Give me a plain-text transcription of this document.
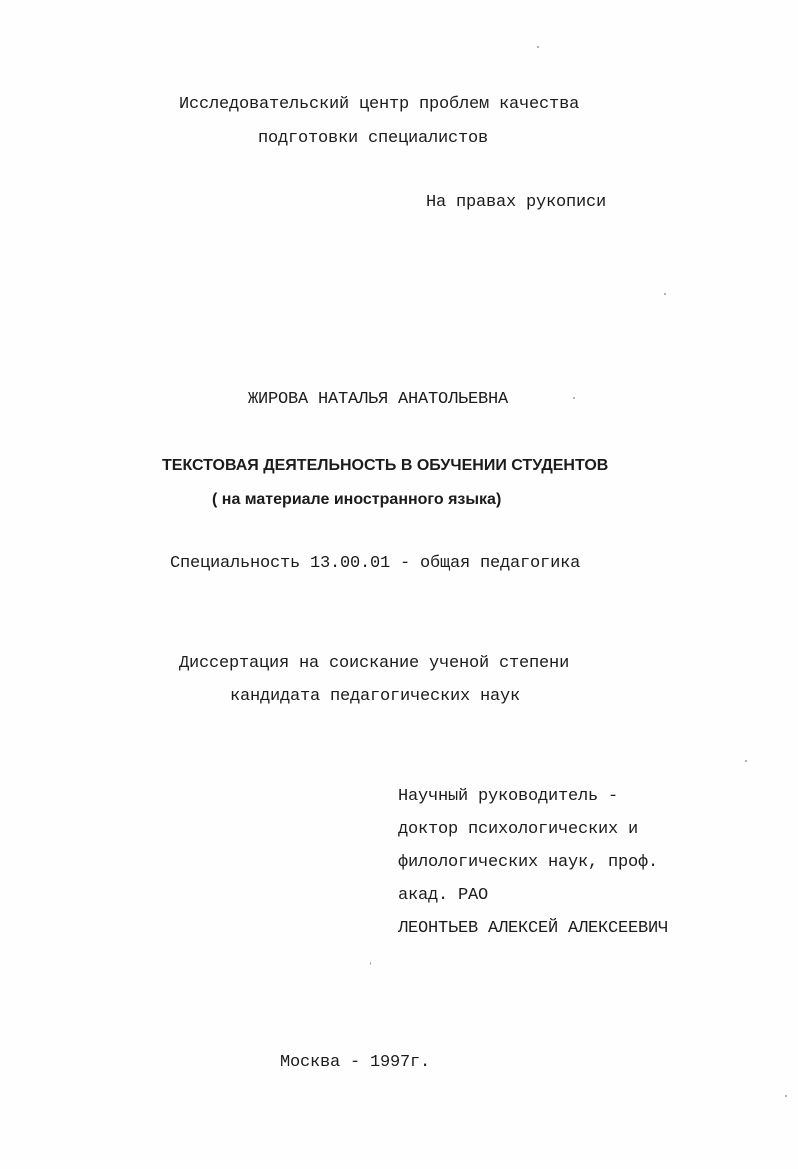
Исследовательский центр проблем качества
подготовки специалистов
На правах рукописи
ЖИРОВА НАТАЛЬЯ АНАТОЛЬЕВНА
ТЕКСТОВАЯ ДЕЯТЕЛЬНОСТЬ В ОБУЧЕНИИ СТУДЕНТОВ
( на материале иностранного языка)
Специальность 13.00.01 - общая педагогика
Диссертация на соискание ученой степени
кандидата педагогических наук
Научный руководитель -
доктор психологических и
филологических наук, проф.
акад. РАО
ЛЕОНТЬЕВ АЛЕКСЕЙ АЛЕКСЕЕВИЧ
Москва - 1997г.
